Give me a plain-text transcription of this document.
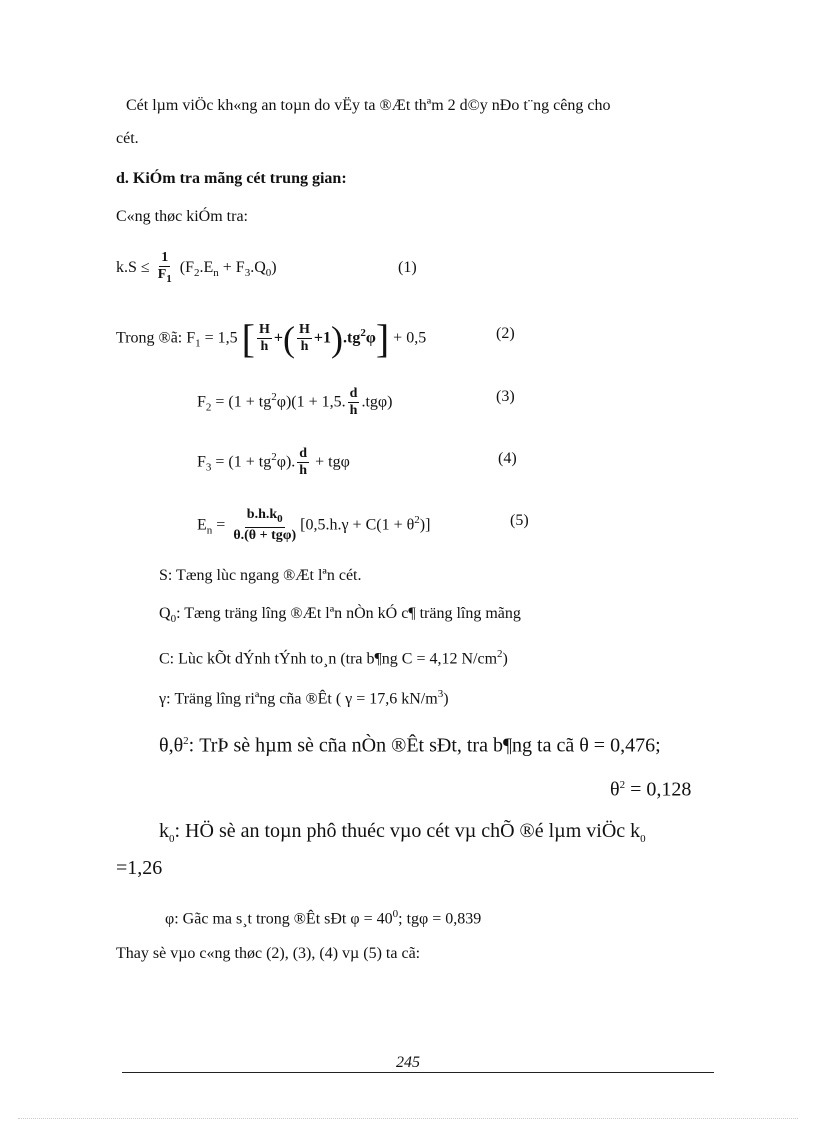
Cét lµm viÖc kh«ng an toµn do vËy ta ®Æt thªm 2 d©y nÐo t¨ng cêng cho
cét.
d. KiÓm tra mãng cét trung gian:
C«ng thøc kiÓm tra:
$k.S \le \frac{1}{F_1} (F_2.E_n + F_3.Q_0)$	(1)
Trong ®ã: $F_1 = 1,5$ [ $\frac{H}{h}$ +( $\frac{H}{h} +1).tg^2\varphi] + 0,5$	(2)
$F_2 = (1 + tg^2\varphi)(1 + 1,5$. $\frac{d}{h} .tg\varphi$)	(3)
$F_3 = (1 + tg^2\varphi)$. $\frac{d}{h} + tg\varphi$	(4)
$E_n = \frac{b.h.k_0}{\text{θ.(θ + tgφ)}} [0,5.h.\gamma + C(1 + \theta^2)]$	(5)
S: Tæng lùc ngang ®Æt lªn cét.
$Q_0$: Tæng träng lîng ®Æt lªn nÒn kÓ c¶ träng lîng mãng
C: Lùc kÕt dÝnh tÝnh to¸n (tra b¶ng C = 4,12 $N/cm^2$)
γ: Träng lîng riªng cña ®Êt ( γ = 17,6 $kN/m^3$)
$\theta,\theta^2$: TrÞ sè hµm sè cña nÒn ®Êt sÐt, tra b¶ng ta cã θ = 0,476;
$\theta^2 = 0,128$
$k_0$: HÖ sè an toµn phô thuéc vµo cét vµ chÕ ®é lµm viÖc $k_0$
=1,26
φ: Gãc ma s¸t trong ®Êt sÐt $\varphi = 40^0$; tgφ = 0,839
Thay sè vµo c«ng thøc (2), (3), (4) vµ (5) ta cã:
245
